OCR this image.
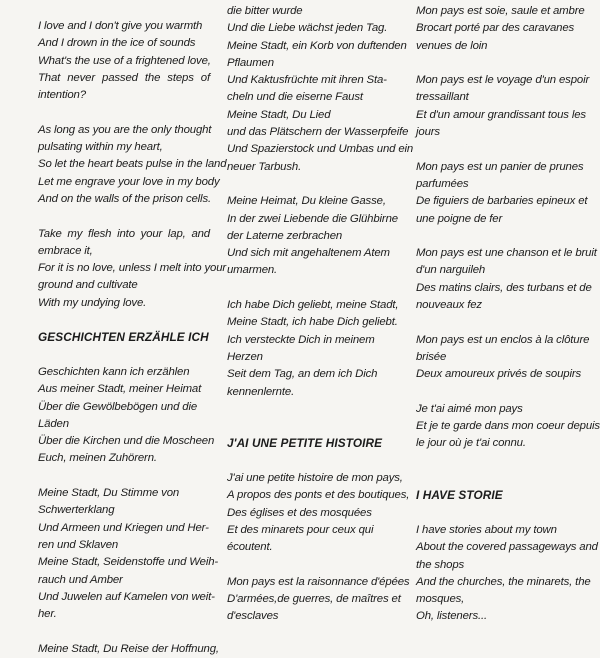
I love and I don't give you warmth
And I drown in the ice of sounds
What's the use of a frightened love,
That never passed the steps of
intention?
As long as you are the only thought
pulsating within my heart,
So let the heart beats pulse in the land
Let me engrave your love in my body
And on the walls of the prison cells.
Take my flesh into your lap, and
embrace it,
For it is no love, unless I melt into your
ground and cultivate
With my undying love.
GESCHICHTEN ERZÄHLE ICH
Geschichten kann ich erzählen
Aus meiner Stadt, meiner Heimat
Über die Gewölbebögen und die
Läden
Über die Kirchen und die Moscheen
Euch, meinen Zuhörern.
Meine Stadt, Du Stimme von
Schwerterklang
Und Armeen und Kriegen und Her-
ren und Sklaven
Meine Stadt, Seidenstoffe und Weih-
rauch und Amber
Und Juwelen auf Kamelen von weit-
her.
Meine Stadt, Du Reise der Hoffnung,
die bitter wurde
Und die Liebe wächst jeden Tag.
Meine Stadt, ein Korb von duftenden
Pflaumen
Und Kaktusfrüchte mit ihren Sta-
cheln und die eiserne Faust
Meine Stadt, Du Lied
und das Plätschern der Wasserpfeife
Und Spazierstock und Umbas und ein
neuer Tarbush.
Meine Heimat, Du kleine Gasse,
In der zwei Liebende die Glühbirne
der Laterne zerbrachen
Und sich mit angehaltenem Atem
umarmen.
Ich habe Dich geliebt, meine Stadt,
Meine Stadt, ich habe Dich geliebt.
Ich versteckte Dich in meinem
Herzen
Seit dem Tag, an dem ich Dich
kennenlernte.
J'AI UNE PETITE HISTOIRE
J'ai une petite histoire de mon pays,
A propos des ponts et des boutiques,
Des églises et des mosquées
Et des minarets pour ceux qui
écoutent.
Mon pays est la raisonnance d'épées
D'armées,de guerres, de maîtres et
d'esclaves
Mon pays est soie, saule et ambre
Brocart porté par des caravanes
venues de loin
Mon pays est le voyage d'un espoir
tressaillant
Et d'un amour grandissant tous les
jours
Mon pays est un panier de prunes
parfumées
De figuiers de barbaries epineux et
une poigne de fer
Mon pays est une chanson et le bruit
d'un narguileh
Des matins clairs, des turbans et de
nouveaux fez
Mon pays est un enclos à la clôture
brisée
Deux amoureux privés de soupirs
Je t'ai aimé mon pays
Et je te garde dans mon coeur depuis
le jour où je t'ai connu.
I HAVE STORIE
I have stories about my town
About the covered passageways and
the shops
And the churches, the minarets, the
mosques,
Oh, listeners...
